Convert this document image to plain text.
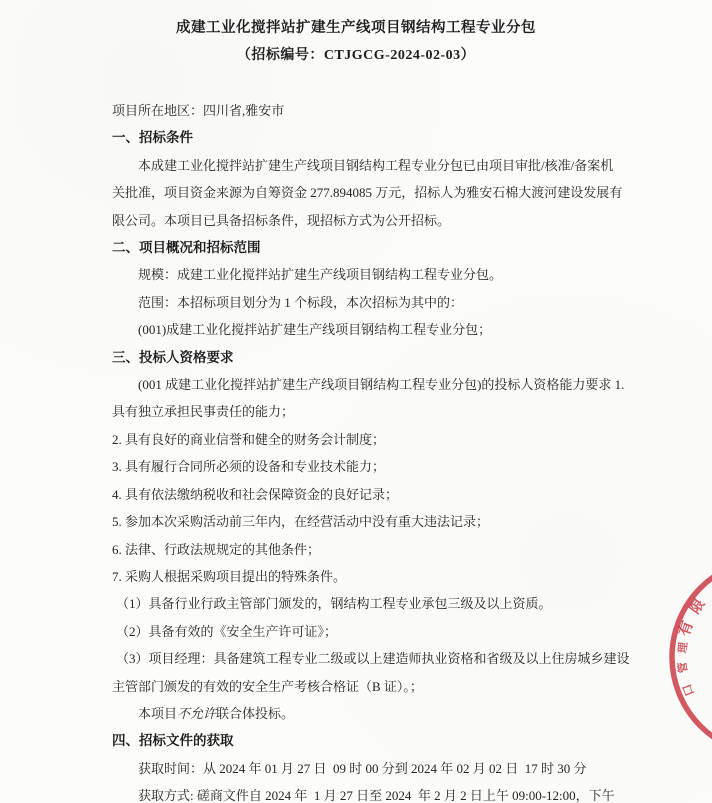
成建工业化搅拌站扩建生产线项目钢结构工程专业分包
（招标编号：CTJGCG-2024-02-03）
项目所在地区：四川省,雅安市
一、招标条件
本成建工业化搅拌站扩建生产线项目钢结构工程专业分包已由项目审批/核准/备案机
关批准，项目资金来源为自筹资金 277.894085 万元，招标人为雅安石棉大渡河建设发展有
限公司。本项目已具备招标条件，现招标方式为公开招标。
二、项目概况和招标范围
规模：成建工业化搅拌站扩建生产线项目钢结构工程专业分包。
范围：本招标项目划分为 1 个标段，本次招标为其中的：
(001)成建工业化搅拌站扩建生产线项目钢结构工程专业分包；
三、投标人资格要求
(001 成建工业化搅拌站扩建生产线项目钢结构工程专业分包)的投标人资格能力要求 1.
具有独立承担民事责任的能力；
2. 具有良好的商业信誉和健全的财务会计制度；
3. 具有履行合同所必须的设备和专业技术能力；
4. 具有依法缴纳税收和社会保障资金的良好记录；
5. 参加本次采购活动前三年内，在经营活动中没有重大违法记录；
6. 法律、行政法规规定的其他条件；
7. 采购人根据采购项目提出的特殊条件。
（1）具备行业行政主管部门颁发的，钢结构工程专业承包三级及以上资质。
（2）具备有效的《安全生产许可证》；
（3）项目经理：具备建筑工程专业二级或以上建造师执业资格和省级及以上住房城乡建设
主管部门颁发的有效的安全生产考核合格证（B 证）。；
本项目不允许联合体投标。
四、招标文件的获取
获取时间：从 2024 年 01 月 27 日  09 时 00 分到 2024 年 02 月 02 日  17 时 30 分
获取方式: 磋商文件自 2024 年  1 月 27 日至 2024  年 2 月 2 日上午 09:00-12:00，下午
限
有
理
管
口
